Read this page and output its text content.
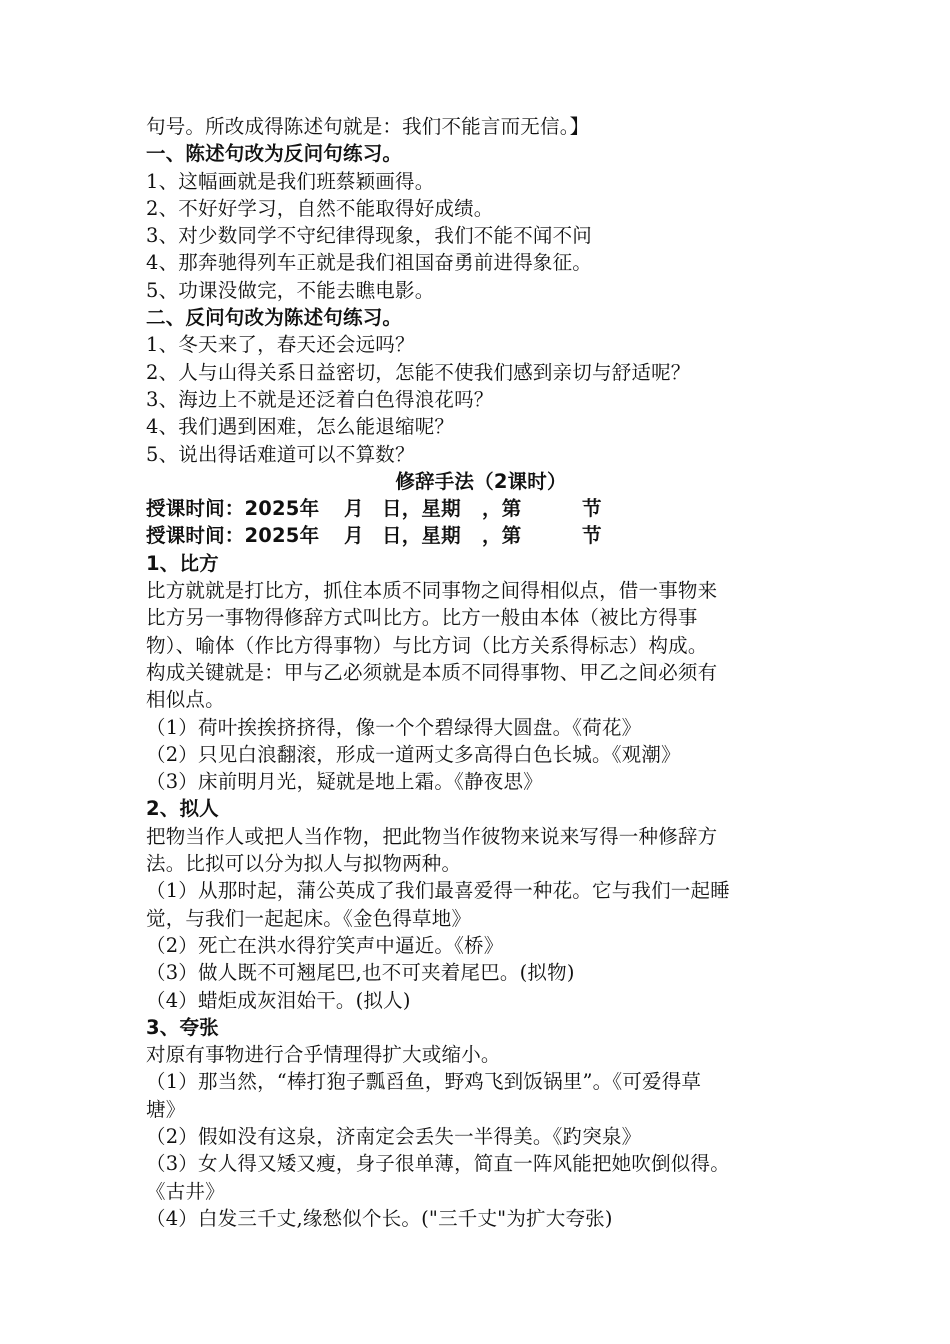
句号。所改成得陈述句就是：我们不能言而无信。】
一、陈述句改为反问句练习。
1、这幅画就是我们班蔡颖画得。
2、不好好学习，自然不能取得好成绩。
3、对少数同学不守纪律得现象，我们不能不闻不问
4、那奔驰得列车正就是我们祖国奋勇前进得象征。
5、功课没做完，不能去瞧电影。
二、反问句改为陈述句练习。
1、冬天来了，春天还会远吗？
2、人与山得关系日益密切，怎能不使我们感到亲切与舒适呢？
3、海边上不就是还泛着白色得浪花吗？
4、我们遇到困难，怎么能退缩呢？
5、说出得话难道可以不算数？
修辞手法（2课时）
授课时间：2025年	月 日，星期	，第	节
授课时间：2025年	月 日，星期	，第	节
1、比方
比方就就是打比方，抓住本质不同事物之间得相似点，借一事物来
比方另一事物得修辞方式叫比方。比方一般由本体（被比方得事
物）、喻体（作比方得事物）与比方词（比方关系得标志）构成。
构成关键就是：甲与乙必须就是本质不同得事物、甲乙之间必须有
相似点。
（1）荷叶挨挨挤挤得，像一个个碧绿得大圆盘。《荷花》
（2）只见白浪翻滚，形成一道两丈多高得白色长城。《观潮》
（3）床前明月光，疑就是地上霜。《静夜思》
2、拟人
把物当作人或把人当作物，把此物当作彼物来说来写得一种修辞方
法。比拟可以分为拟人与拟物两种。
（1）从那时起，蒲公英成了我们最喜爱得一种花。它与我们一起睡
觉，与我们一起起床。《金色得草地》
（2）死亡在洪水得狞笑声中逼近。《桥》
（3）做人既不可翘尾巴,也不可夹着尾巴。(拟物)
（4）蜡炬成灰泪始干。(拟人)
3、夸张
对原有事物进行合乎情理得扩大或缩小。
（1）那当然，“棒打狍子瓢舀鱼，野鸡飞到饭锅里”。《可爱得草
塘》
（2）假如没有这泉，济南定会丢失一半得美。《趵突泉》
（3）女人得又矮又瘦，身子很单薄，简直一阵风能把她吹倒似得。
《古井》
（4）白发三千丈,缘愁似个长。("三千丈"为扩大夸张)
